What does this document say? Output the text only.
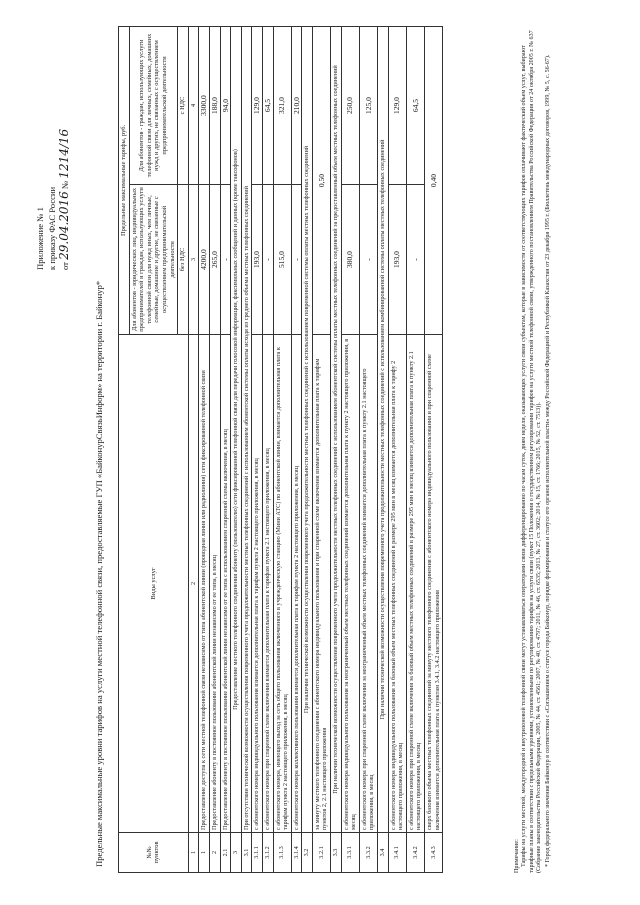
Приложение № 1 к приказу ФАС России от 29.04.2016 № 1214/16
Предельные максимальные уровни тарифов на услуги местной телефонной связи, предоставляемые ГУП «БайконурСвязьИнформ» на территории г. Байконур*	№№ пунктов	Виды услуг	Предельные максимальные тарифы, руб.	
		Для абонентов - юридических лиц, индивидуальных предпринимателей и граждан, использующих услуги телефонной связи для нужд иных, чем личные, семейные, домашние и другие, не связанные с осуществлением предпринимательской деятельности	Для абонентов - граждан, использующих услуги телефонной связи для личных, семейных, домашних нужд и других, не связанных с осуществлением предпринимательской деятельности
		без НДС	с НДС
1	2	3	4
1	Предоставление доступа к сети местной телефонной связи независимо от типа абонентской линии (проводная линия или радиолиния) сети фиксированной телефонной связи	4200,0	3300,0
2	Предоставление абоненту в постоянное пользование абонентской линии независимо от ее типа, в месяц	265,0	188,0
2.1	Предоставление абоненту в постоянное пользование абонентской линии независимо от ее типа с использованием спаренной схемы включения, в месяц	-	94,0
3	Предоставление местного телефонного соединения абоненту (пользователю) сети фиксированной телефонной связи для передачи голосовой информации, факсимильных сообщений и данных (кроме таксофонов)		
3.1	При отсутствии технической возможности осуществления повременного учета продолжительности местных телефонных соединений с использованием абонентской системы оплаты исходя из среднего объема местных телефонных соединений		
3.1.1	с абонентского номера индивидуального пользования взимается дополнительная плата к тарифам пункта 2 настоящего приложения, в месяц	193,0	129,0
3.1.2	с абонентского номера при спаренной схеме включения взимается дополнительная плата к тарифам пункта 2.1 настоящего приложения, в месяц	-	64,5
3.1.3	с абонентского номера, имеющего выход за сеть общего пользования включенного в учрежденческую станцию (Мини АТС) по абонентской линии, взимается дополнительная плата к тарифам пункта 2 настоящего приложения, в месяц	515,0	321,0
3.1.4	с абонентского номера коллективного пользования взимается дополнительная плата к тарифам пункта 2 настоящего приложения, в месяц	-	210,0
3.2	При наличии технической возможности осуществления повременного учета продолжительности местных телефонных соединений с использованием повременной системы оплаты местных телефонных соединений		
3.2.1	за минуту местного телефонного соединения с абонентского номера индивидуального пользования и при спаренной схеме включения взимается дополнительная плата к тарифам пунктов 2, 2.1 настоящего приложения	0,50	
3.3	При наличии технической возможности осуществления повременного учета продолжительности местных телефонных соединений с использованием абонентской системы оплаты местных телефонных соединений за предоставленный объем местных телефонных соединений		
3.3.1	с абонентского номера индивидуального пользования за неограниченный объем местных телефонных соединений взимается дополнительная плата к пункту 2 настоящего приложения, в месяц	380,0	250,0
3.3.2	с абонентского номера при спаренной схеме включения за неограниченный объем местных телефонных соединений взимается дополнительная плата к пункту 2.1 настоящего приложения, в месяц	-	125,0
3.4	При наличии технической возможности осуществления повременного учета продолжительности местных телефонных соединений с использованием комбинированной системы оплаты местных телефонных соединений		
3.4.1	с абонентского номера индивидуального пользования за базовый объем местных телефонных соединений в размере 295 мин в месяц взимается дополнительная плата к тарифу 2 настоящего приложения, в месяц	193,0	129,0
3.4.2	с абонентского номера при спаренной схеме включения за базовый объем местных телефонных соединений в размере 295 мин в месяц взимается дополнительная плата к пункту 2.1 настоящего приложения, в месяц	-	64,5
3.4.3	сверх базового объема местных телефонных соединений за минуту местного телефонного соединения с абонентского номера индивидуального пользования и при спаренной схеме включения взимается дополнительная плата к пунктам 3.4.1, 3.4.2 настоящего приложения	0,40	
Примечание: Тарифы на услуги местной, междугородной и внутризоновой телефонной связи могут устанавливаться операторами связи дифференцированно по часам суток, дням недели, оказывающих услуги связи субъектам, которые в зависимости от соответствующих тарифов оплачивают фактический объем услуг, выбирают тарифные планы в соответствии с предельными уровнями, установленными по регулированию тарифов на услуги связи (пункт 15 Положения о государственном регулировании тарифов на услуги местной телефонной связи, утвержденного постановлением Правительства Российской Федерации от 24 октября 2005 г. № 637 (Собрание законодательства Российской Федерации, 2005, № 44, ст. 4561; 2007, № 40, ст. 4797; 2011, № 46, ст. 6535; 2013, № 27, ст. 3602; 2014, № 15, ст. 1766; 2015, № 52, ст. 7513)). * Город федерального значения Байконур в соответствии с «Соглашением о статусе города Байконур, порядке формирования и статусе его органов исполнительной власти» между Российской Федерацией и Республикой Казахстан от 23 декабря 1995 г. (Бюллетень международных договоров, 1999, № 5, с. 56-67).
